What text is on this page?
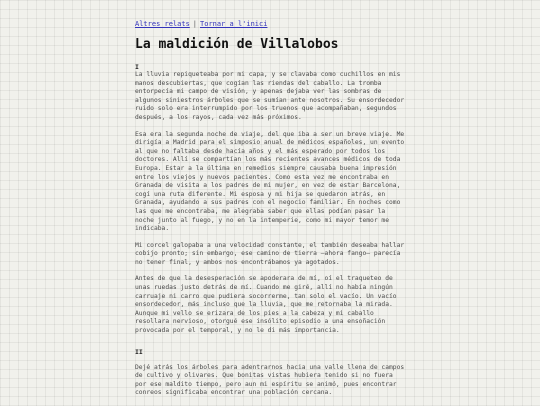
Altres relats | Tornar a l'inici
La maldición de Villalobos
I

La lluvia repiqueteaba por mi capa, y se clavaba como cuchillos en mis manos descubiertas, que cogían las riendas del caballo. La tromba entorpecía mi campo de visión, y apenas dejaba ver las sombras de algunos siniestros árboles que se sumían ante nosotros. Su ensordecedor ruido solo era interrumpido por los truenos que acompañaban, segundos después, a los rayos, cada vez más próximos.

Esa era la segunda noche de viaje, del que iba a ser un breve viaje. Me dirigía a Madrid para el simposio anual de médicos españoles, un evento al que no faltaba desde hacía años y el más esperado por todos los doctores. Allí se compartían los más recientes avances médicos de toda Europa. Estar a la última en remedios siempre causaba buena impresión entre los viejos y nuevos pacientes. Como esta vez me encontraba en Granada de visita a los padres de mi mujer, en vez de estar Barcelona, cogí una ruta diferente. Mi esposa y mi hija se quedaron atrás, en Granada, ayudando a sus padres con el negocio familiar. En noches como las que me encontraba, me alegraba saber que ellas podían pasar la noche junto al fuego, y no en la intemperie, como mi mayor temor me indicaba.

Mi corcel galopaba a una velocidad constante, el también deseaba hallar cobijo pronto; sin embargo, ese camino de tierra –ahora fango– parecía no tener final, y ambos nos encontrábamos ya agotados.

Antes de que la desesperación se apoderara de mí, oí el traqueteo de unas ruedas justo detrás de mí. Cuando me giré, allí no había ningún carruaje ni carro que pudiera socorrerme, tan solo el vacío. Un vacío ensordecedor, más incluso que la lluvia, que me retornaba la mirada. Aunque mi vello se erizara de los pies a la cabeza y mi caballo resollara nervioso, otorgué ese insólito episodio a una ensoñación provocada por el temporal, y no le di más importancia.

II

Dejé atrás los árboles para adentrarnos hacia una valle llena de campos de cultivo y olivares. Que bonitas vistas hubiera tenido si no fuera por ese maldito tiempo, pero aun mi espíritu se animó, pues encontrar conreos significaba encontrar una población cercana.
